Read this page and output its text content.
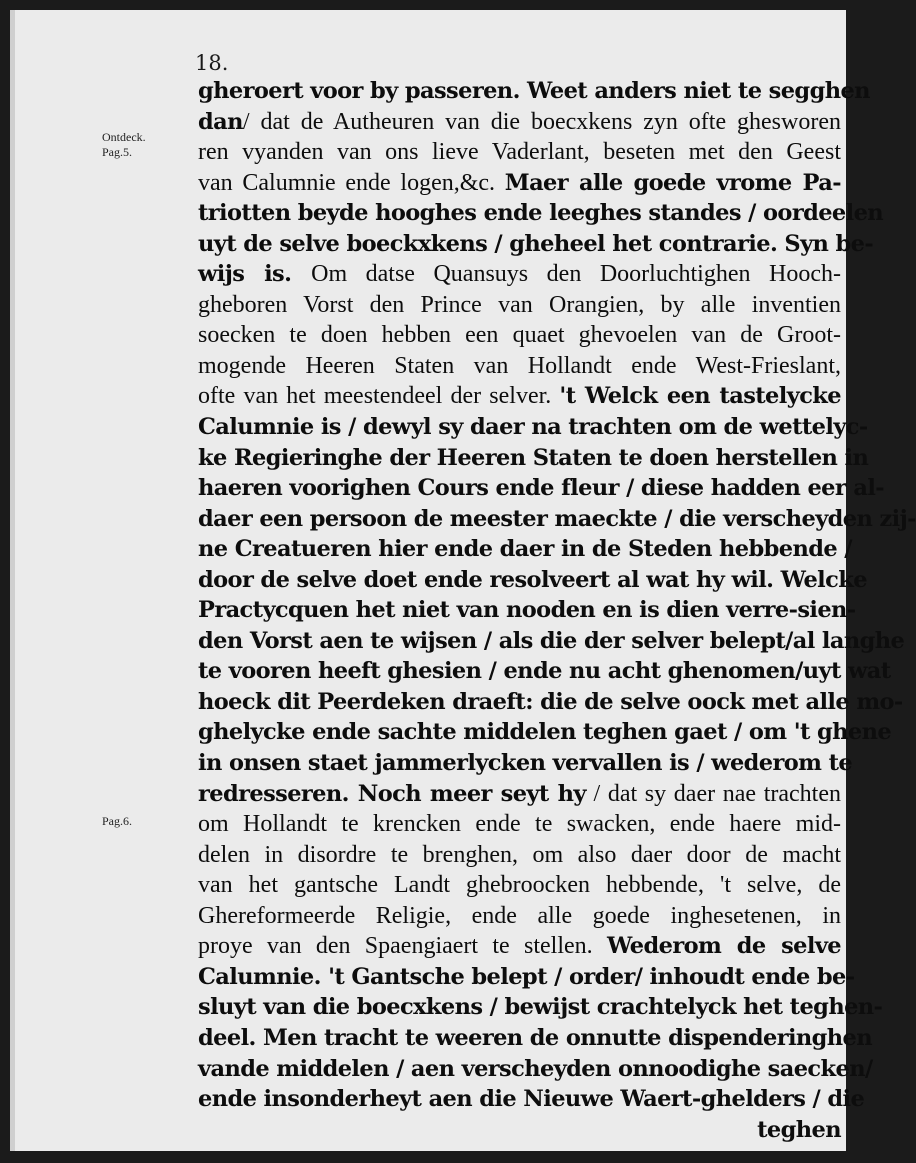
18.
Ontdeck.
Pag.5.
Pag.6.
gheroert voor by passeren. Weet anders niet te segghen
dan/ dat de Autheuren van die boecxkens zyn ofte ghesworen
ren vyanden van ons lieve Vaderlant, beseten met den Geest
van Calumnie ende logen,&c. Maer alle goede vrome Pa-
triotten beyde hooghes ende leeghes standes / oordeelen
uyt de selve boeckxkens / gheheel het contrarie. Syn be-
wijs is. Om datse Quansuys den Doorluchtighen Hooch-
gheboren Vorst den Prince van Orangien, by alle inventien
soecken te doen hebben een quaet ghevoelen van de Groot-
mogende Heeren Staten van Hollandt ende West-Frieslant,
ofte van het meestendeel der selver. 't Welck een tastelycke
Calumnie is / dewyl sy daer na trachten om de wettelyc-
ke Regieringhe der Heeren Staten te doen herstellen in
haeren voorighen Cours ende fleur / diese hadden eer al-
daer een persoon de meester maeckte / die verscheyden zij-
ne Creatueren hier ende daer in de Steden hebbende /
door de selve doet ende resolveert al wat hy wil. Welcke
Practycquen het niet van nooden en is dien verre-sien-
den Vorst aen te wijsen / als die der selver belept/al langhe
te vooren heeft ghesien / ende nu acht ghenomen/uyt wat
hoeck dit Peerdeken draeft: die de selve oock met alle mo-
ghelycke ende sachte middelen teghen gaet / om 't ghene
in onsen staet jammerlycken vervallen is / wederom te
redresseren. Noch meer seyt hy / dat sy daer nae trachten
om Hollandt te krencken ende te swacken, ende haere mid-
delen in disordre te brenghen, om also daer door de macht
van het gantsche Landt ghebroocken hebbende, 't selve, de
Ghereformeerde Religie, ende alle goede inghesetenen, in
proye van den Spaengiaert te stellen. Wederom de selve
Calumnie. 't Gantsche belept / order/ inhoudt ende be-
sluyt van die boecxkens / bewijst crachtelyck het teghen-
deel. Men tracht te weeren de onnutte dispenderinghen
vande middelen / aen verscheyden onnoodighe saecken/
ende insonderheyt aen die Nieuwe Waert-ghelders / die
teghen
